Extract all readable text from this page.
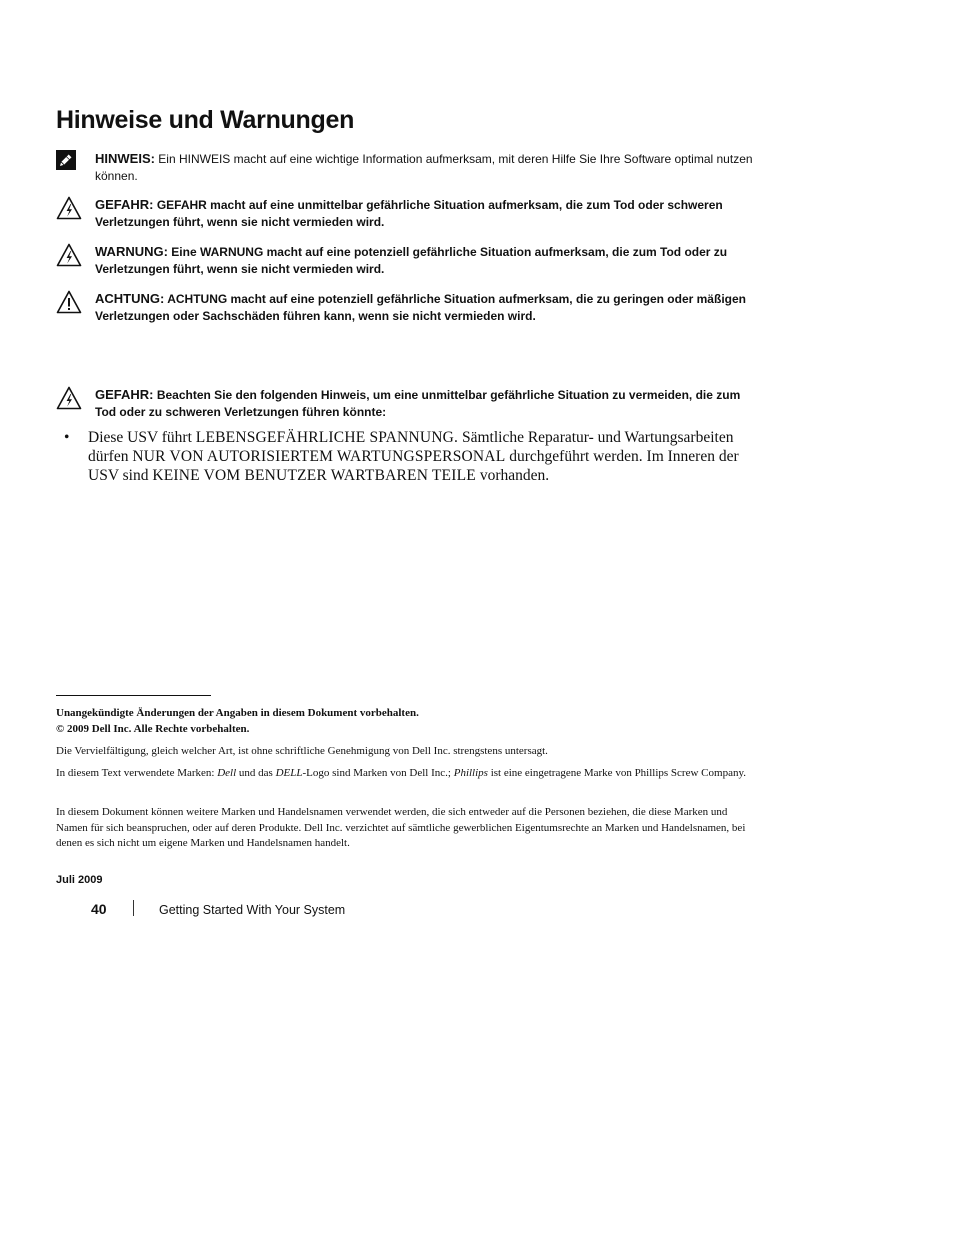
Hinweise und Warnungen
HINWEIS: Ein HINWEIS macht auf eine wichtige Information aufmerksam, mit deren Hilfe Sie Ihre Software optimal nutzen können.
GEFAHR: GEFAHR macht auf eine unmittelbar gefährliche Situation aufmerksam, die zum Tod oder schweren Verletzungen führt, wenn sie nicht vermieden wird.
WARNUNG: Eine WARNUNG macht auf eine potenziell gefährliche Situation aufmerksam, die zum Tod oder zu Verletzungen führt, wenn sie nicht vermieden wird.
ACHTUNG: ACHTUNG macht auf eine potenziell gefährliche Situation aufmerksam, die zu geringen oder mäßigen Verletzungen oder Sachschäden führen kann, wenn sie nicht vermieden wird.
GEFAHR: Beachten Sie den folgenden Hinweis, um eine unmittelbar gefährliche Situation zu vermeiden, die zum Tod oder zu schweren Verletzungen führen könnte:
• Diese USV führt LEBENSGEFÄHRLICHE SPANNUNG. Sämtliche Reparatur- und Wartungsarbeiten dürfen NUR VON AUTORISIERTEM WARTUNGSPERSONAL durchgeführt werden. Im Inneren der USV sind KEINE VOM BENUTZER WARTBAREN TEILE vorhanden.
Unangekündigte Änderungen der Angaben in diesem Dokument vorbehalten.
© 2009 Dell Inc. Alle Rechte vorbehalten.
Die Vervielfältigung, gleich welcher Art, ist ohne schriftliche Genehmigung von Dell Inc. strengstens untersagt.
In diesem Text verwendete Marken: Dell und das DELL-Logo sind Marken von Dell Inc.; Phillips ist eine eingetragene Marke von Phillips Screw Company.
In diesem Dokument können weitere Marken und Handelsnamen verwendet werden, die sich entweder auf die Personen beziehen, die diese Marken und Namen für sich beanspruchen, oder auf deren Produkte. Dell Inc. verzichtet auf sämtliche gewerblichen Eigentumsrechte an Marken und Handelsnamen, bei denen es sich nicht um eigene Marken und Handelsnamen handelt.
Juli 2009
40	Getting Started With Your System
